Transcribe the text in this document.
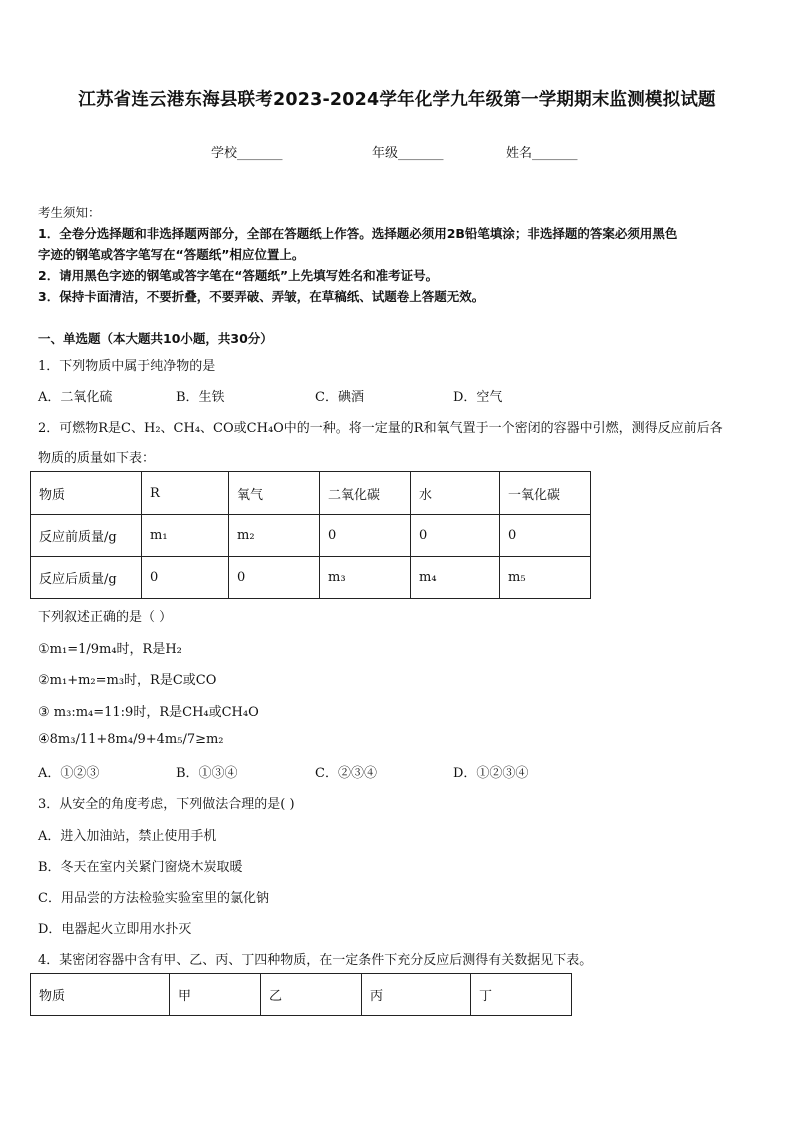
江苏省连云港东海县联考2023-2024学年化学九年级第一学期期末监测模拟试题
学校_______	年级_______	姓名_______
考生须知：
1．全卷分选择题和非选择题两部分，全部在答题纸上作答。选择题必须用2B铅笔填涂；非选择题的答案必须用黑色
字迹的钢笔或答字笔写在“答题纸”相应位置上。
2．请用黑色字迹的钢笔或答字笔在“答题纸”上先填写姓名和准考证号。
3．保持卡面清洁，不要折叠，不要弄破、弄皱，在草稿纸、试题卷上答题无效。
一、单选题（本大题共10小题，共30分）
1．下列物质中属于纯净物的是
A．二氧化硫	B．生铁	C．碘酒	D．空气
2．可燃物R是C、H₂、CH₄、CO或CH₄O中的一种。将一定量的R和氧气置于一个密闭的容器中引燃，测得反应前后各
物质的质量如下表：
物质	R	氧气	二氧化碳	水	一氧化碳
反应前质量/g	m₁	m₂	0	0	0
反应后质量/g	0	0	m₃	m₄	m₅
下列叙述正确的是（ ）
①m₁=1/9m₄时，R是H₂
②m₁+m₂=m₃时，R是C或CO
③ m₃:m₄=11:9时，R是CH₄或CH₄O
④8m₃/11+8m₄/9+4m₅/7≥m₂
A．①②③	B．①③④	C．②③④	D．①②③④
3．从安全的角度考虑，下列做法合理的是( )
A．进入加油站，禁止使用手机
B．冬天在室内关紧门窗烧木炭取暖
C．用品尝的方法检验实验室里的氯化钠
D．电器起火立即用水扑灭
4．某密闭容器中含有甲、乙、丙、丁四种物质，在一定条件下充分反应后测得有关数据见下表。
物质	甲	乙	丙	丁
